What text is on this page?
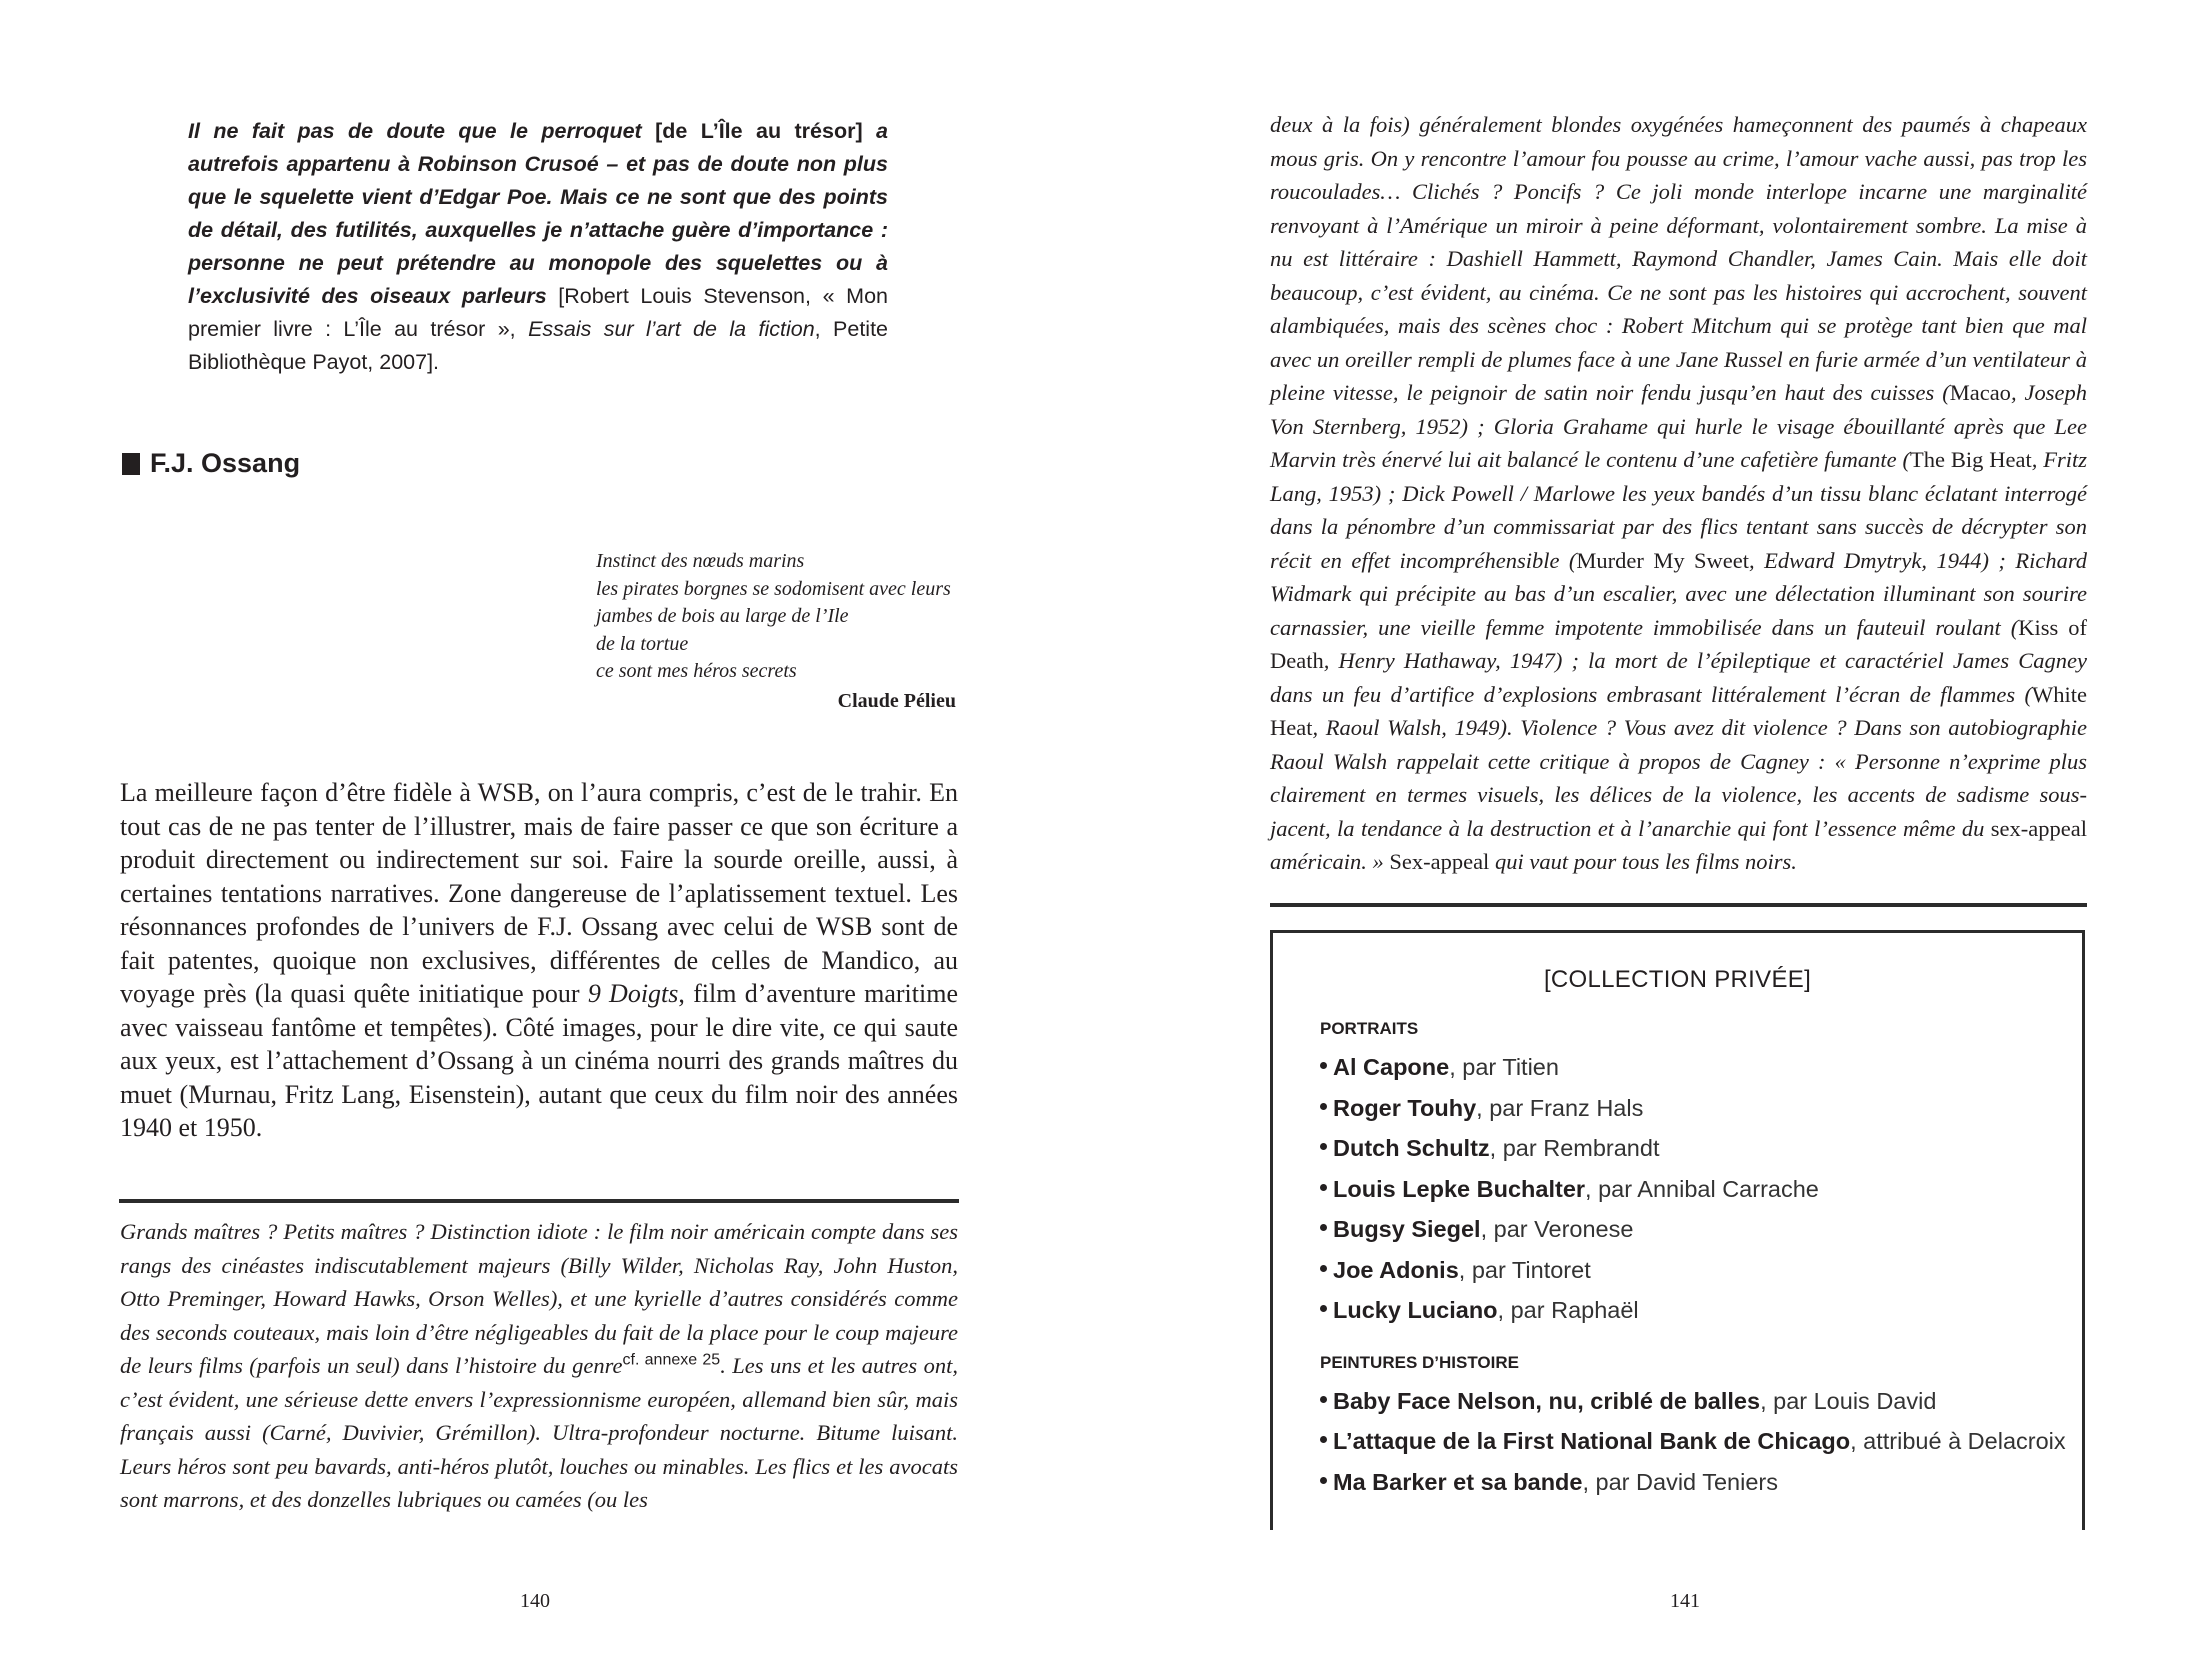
Il ne fait pas de doute que le perroquet [de L’Île au trésor] a autrefois appartenu à Robinson Crusoé – et pas de doute non plus que le squelette vient d’Edgar Poe. Mais ce ne sont que des points de détail, des futilités, auxquelles je n’attache guère d’importance : personne ne peut prétendre au monopole des squelettes ou à l’exclusivité des oiseaux parleurs [Robert Louis Stevenson, « Mon premier livre : L’Île au trésor », Essais sur l’art de la fiction, Petite Bibliothèque Payot, 2007].
F.J. Ossang
Instinct des nœuds marins
les pirates borgnes se sodomisent avec leurs
jambes de bois au large de l’Ile
de la tortue
ce sont mes héros secrets
Claude Pélieu
La meilleure façon d’être fidèle à WSB, on l’aura compris, c’est de le trahir. En tout cas de ne pas tenter de l’illustrer, mais de faire passer ce que son écriture a produit directement ou indirectement sur soi. Faire la sourde oreille, aussi, à certaines tentations narratives. Zone dangereuse de l’aplatissement textuel. Les résonnances profondes de l’univers de F.J. Ossang avec celui de WSB sont de fait patentes, quoique non exclusives, différentes de celles de Mandico, au voyage près (la quasi quête initiatique pour 9 Doigts, film d’aventure maritime avec vaisseau fantôme et tempêtes). Côté images, pour le dire vite, ce qui saute aux yeux, est l’attachement d’Ossang à un cinéma nourri des grands maîtres du muet (Murnau, Fritz Lang, Eisenstein), autant que ceux du film noir des années 1940 et 1950.
Grands maîtres ? Petits maîtres ? Distinction idiote : le film noir américain compte dans ses rangs des cinéastes indiscutablement majeurs (Billy Wilder, Nicholas Ray, John Huston, Otto Preminger, Howard Hawks, Orson Welles), et une kyrielle d’autres considérés comme des seconds couteaux, mais loin d’être négligeables du fait de la place pour le coup majeure de leurs films (parfois un seul) dans l’histoire du genre$^{cf. annexe 25}$. Les uns et les autres ont, c’est évident, une sérieuse dette envers l’expressionnisme européen, allemand bien sûr, mais français aussi (Carné, Duvivier, Grémillon). Ultra-profondeur nocturne. Bitume luisant. Leurs héros sont peu bavards, anti-héros plutôt, louches ou minables. Les flics et les avocats sont marrons, et des donzelles lubriques ou camées (ou les
140
deux à la fois) généralement blondes oxygénées hameçonnent des paumés à chapeaux mous gris. On y rencontre l’amour fou pousse au crime, l’amour vache aussi, pas trop les roucoulades… Clichés ? Poncifs ? Ce joli monde interlope incarne une marginalité renvoyant à l’Amérique un miroir à peine déformant, volontairement sombre. La mise à nu est littéraire : Dashiell Hammett, Raymond Chandler, James Cain. Mais elle doit beaucoup, c’est évident, au cinéma. Ce ne sont pas les histoires qui accrochent, souvent alambiquées, mais des scènes choc : Robert Mitchum qui se protège tant bien que mal avec un oreiller rempli de plumes face à une Jane Russel en furie armée d’un ventilateur à pleine vitesse, le peignoir de satin noir fendu jusqu’en haut des cuisses (Macao, Joseph Von Sternberg, 1952) ; Gloria Grahame qui hurle le visage ébouillanté après que Lee Marvin très énervé lui ait balancé le contenu d’une cafetière fumante (The Big Heat, Fritz Lang, 1953) ; Dick Powell / Marlowe les yeux bandés d’un tissu blanc éclatant interrogé dans la pénombre d’un commissariat par des flics tentant sans succès de décrypter son récit en effet incompréhensible (Murder My Sweet, Edward Dmytryk, 1944) ; Richard Widmark qui précipite au bas d’un escalier, avec une délectation illuminant son sourire carnassier, une vieille femme impotente immobilisée dans un fauteuil roulant (Kiss of Death, Henry Hathaway, 1947) ; la mort de l’épileptique et caractériel James Cagney dans un feu d’artifice d’explosions embrasant littéralement l’écran de flammes (White Heat, Raoul Walsh, 1949). Violence ? Vous avez dit violence ? Dans son autobiographie Raoul Walsh rappelait cette critique à propos de Cagney : « Personne n’exprime plus clairement en termes visuels, les délices de la violence, les accents de sadisme sous-jacent, la tendance à la destruction et à l’anarchie qui font l’essence même du sex-appeal américain. » Sex-appeal qui vaut pour tous les films noirs.
[COLLECTION PRIVÉE]
PORTRAITS
Al Capone, par Titien
Roger Touhy, par Franz Hals
Dutch Schultz, par Rembrandt
Louis Lepke Buchalter, par Annibal Carrache
Bugsy Siegel, par Veronese
Joe Adonis, par Tintoret
Lucky Luciano, par Raphaël
PEINTURES D’HISTOIRE
Baby Face Nelson, nu, criblé de balles, par Louis David
L’attaque de la First National Bank de Chicago, attribué à Delacroix
Ma Barker et sa bande, par David Teniers
141
